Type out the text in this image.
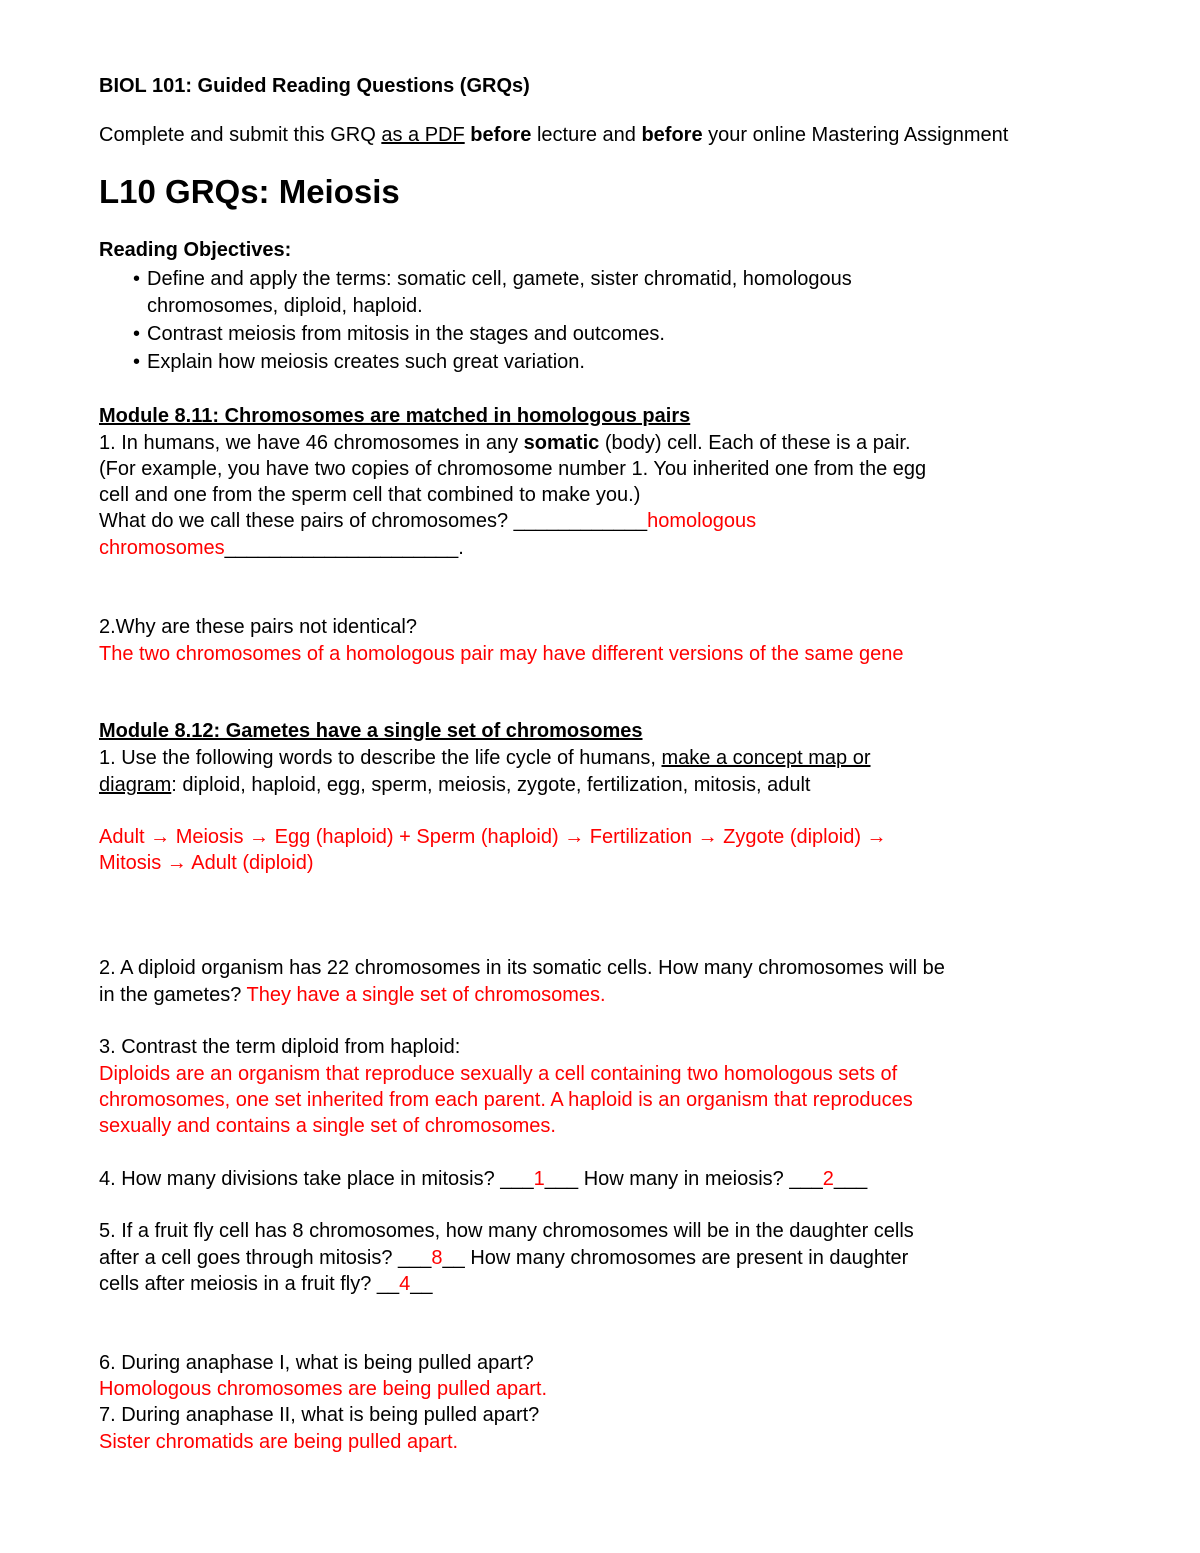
BIOL 101: Guided Reading Questions (GRQs)
Complete and submit this GRQ as a PDF before lecture and before your online Mastering Assignment
L10 GRQs: Meiosis
Reading Objectives:
• Define and apply the terms: somatic cell, gamete, sister chromatid, homologous
chromosomes, diploid, haploid.
• Contrast meiosis from mitosis in the stages and outcomes.
• Explain how meiosis creates such great variation.
Module 8.11: Chromosomes are matched in homologous pairs
1. In humans, we have 46 chromosomes in any somatic (body) cell. Each of these is a pair.
(For example, you have two copies of chromosome number 1. You inherited one from the egg
cell and one from the sperm cell that combined to make you.)
What do we call these pairs of chromosomes? ____________homologous
chromosomes_____________________.
2.Why are these pairs not identical?
The two chromosomes of a homologous pair may have different versions of the same gene
Module 8.12: Gametes have a single set of chromosomes
1. Use the following words to describe the life cycle of humans, make a concept map or
diagram: diploid, haploid, egg, sperm, meiosis, zygote, fertilization, mitosis, adult
Adult → Meiosis → Egg (haploid) + Sperm (haploid) → Fertilization → Zygote (diploid) →
Mitosis → Adult (diploid)
2. A diploid organism has 22 chromosomes in its somatic cells. How many chromosomes will be
in the gametes? They have a single set of chromosomes.
3. Contrast the term diploid from haploid:
Diploids are an organism that reproduce sexually a cell containing two homologous sets of
chromosomes, one set inherited from each parent. A haploid is an organism that reproduces
sexually and contains a single set of chromosomes.
4. How many divisions take place in mitosis? ___1___ How many in meiosis? ___2___
5. If a fruit fly cell has 8 chromosomes, how many chromosomes will be in the daughter cells
after a cell goes through mitosis? ___8__ How many chromosomes are present in daughter
cells after meiosis in a fruit fly? __4__
6. During anaphase I, what is being pulled apart?
Homologous chromosomes are being pulled apart.
7. During anaphase II, what is being pulled apart?
Sister chromatids are being pulled apart.
